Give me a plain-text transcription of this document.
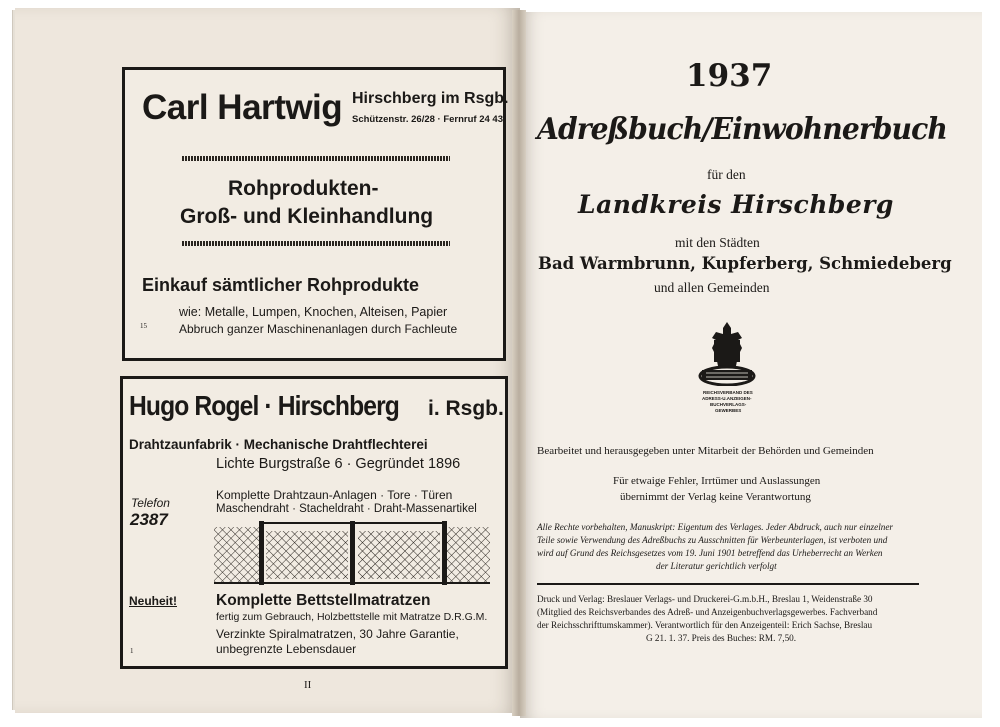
Carl Hartwig Hirschberg im Rsgb.
Schützenstr. 26/28 · Fernruf 24 43
Rohprodukten-
Groß- und Kleinhandlung
Einkauf sämtlicher Rohprodukte
wie: Metalle, Lumpen, Knochen, Alteisen, Papier
Abbruch ganzer Maschinenanlagen durch Fachleute
15
Hugo Rogel · Hirschberg i. Rsgb.
Drahtzaunfabrik · Mechanische Drahtflechterei
Lichte Burgstraße 6 · Gegründet 1896
Telefon
2387
Komplette Drahtzaun-Anlagen · Tore · Türen
Maschendraht · Stacheldraht · Draht-Massenartikel
Neuheit!	Komplette Bettstellmatratzen
fertig zum Gebrauch, Holzbettstelle mit Matratze D.R.G.M.
Verzinkte Spiralmatratzen, 30 Jahre Garantie,
unbegrenzte Lebensdauer
1
II
1937
Adreßbuch/Einwohnerbuch
für den
Landkreis Hirschberg
mit den Städten
Bad Warmbrunn, Kupferberg, Schmiedeberg
und allen Gemeinden
REICHSVERBAND DES
ADRESS-U.ANZEIGEN-
BUCHVERLAGS-
GEWERBES
Bearbeitet und herausgegeben unter Mitarbeit der Behörden und Gemeinden
Für etwaige Fehler, Irrtümer und Auslassungen
übernimmt der Verlag keine Verantwortung
Alle Rechte vorbehalten, Manuskript: Eigentum des Verlages. Jeder Abdruck, auch nur einzelner
Teile sowie Verwendung des Adreßbuchs zu Ausschnitten für Werbeunterlagen, ist verboten und
wird auf Grund des Reichsgesetzes vom 19. Juni 1901 betreffend das Urheberrecht an Werken
der Literatur gerichtlich verfolgt
Druck und Verlag: Breslauer Verlags- und Druckerei-G.m.b.H., Breslau 1, Weidenstraße 30
(Mitglied des Reichsverbandes des Adreß- und Anzeigenbuchverlagsgewerbes. Fachverband
der Reichsschrifttumskammer). Verantwortlich für den Anzeigenteil: Erich Sachse, Breslau
G 21. 1. 37. Preis des Buches: RM. 7,50.
